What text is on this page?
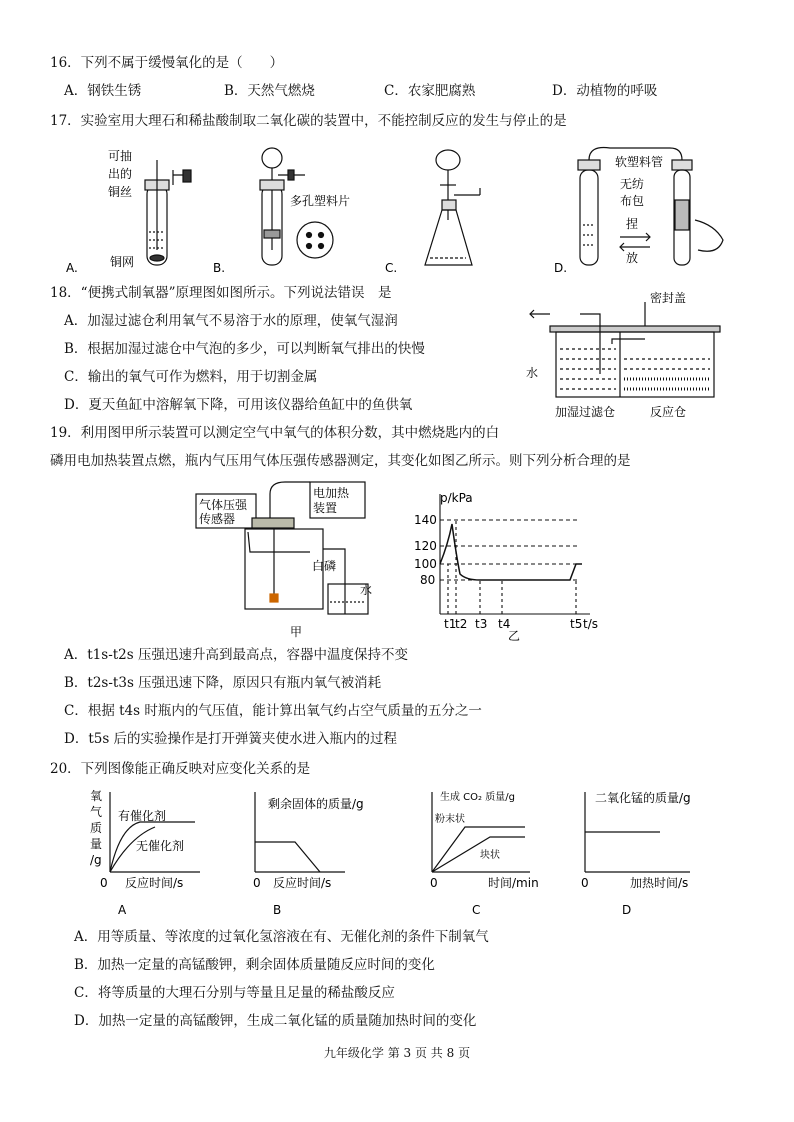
16．下列不属于缓慢氧化的是（　　）
A．钢铁生锈	B．天然气燃烧	C．农家肥腐熟	D．动植物的呼吸
17．实验室用大理石和稀盐酸制取二氧化碳的装置中，不能控制反应的发生与停止的是
可抽
出的
铜丝
铜网
A.
多孔塑料片
B.	C.
软塑料管
无纺
布包
捏
放
D.
18．“便携式制氧器”原理图如图所示。下列说法错误　是
A．加湿过滤仓利用氧气不易溶于水的原理，使氧气湿润
B．根据加湿过滤仓中气泡的多少，可以判断氧气排出的快慢
C．输出的氧气可作为燃料，用于切割金属
D．夏天鱼缸中溶解氧下降，可用该仪器给鱼缸中的鱼供氧
密封盖
水
加湿过滤仓	反应仓
19．利用图甲所示装置可以测定空气中氧气的体积分数，其中燃烧匙内的白
磷用电加热装置点燃，瓶内气压用气体压强传感器测定，其变化如图乙所示。则下列分析合理的是
气体压强
传感器
电加热
装置
白磷
水
甲
p/kPa
140
120
100
80
t1
t2 t3 t4	t5 t/s
乙
A．t1s-t2s 压强迅速升高到最高点，容器中温度保持不变
B．t2s-t3s 压强迅速下降，原因只有瓶内氧气被消耗
C．根据 t4s 时瓶内的气压值，能计算出氧气约占空气质量的五分之一
D．t5s 后的实验操作是打开弹簧夹使水进入瓶内的过程
20．下列图像能正确反映对应变化关系的是
氧
气
质
量
/g
有催化剂
无催化剂
0 反应时间/s
A
剩余固体的质量/g
0 反应时间/s
B
生成 CO₂ 质量/g
粉末状
块状
0	时间/min
C
二氧化锰的质量/g
0	加热时间/s
D
A．用等质量、等浓度的过氧化氢溶液在有、无催化剂的条件下制氧气
B．加热一定量的高锰酸钾，剩余固体质量随反应时间的变化
C．将等质量的大理石分别与等量且足量的稀盐酸反应
D．加热一定量的高锰酸钾，生成二氧化锰的质量随加热时间的变化
九年级化学 第 3 页 共 8 页
